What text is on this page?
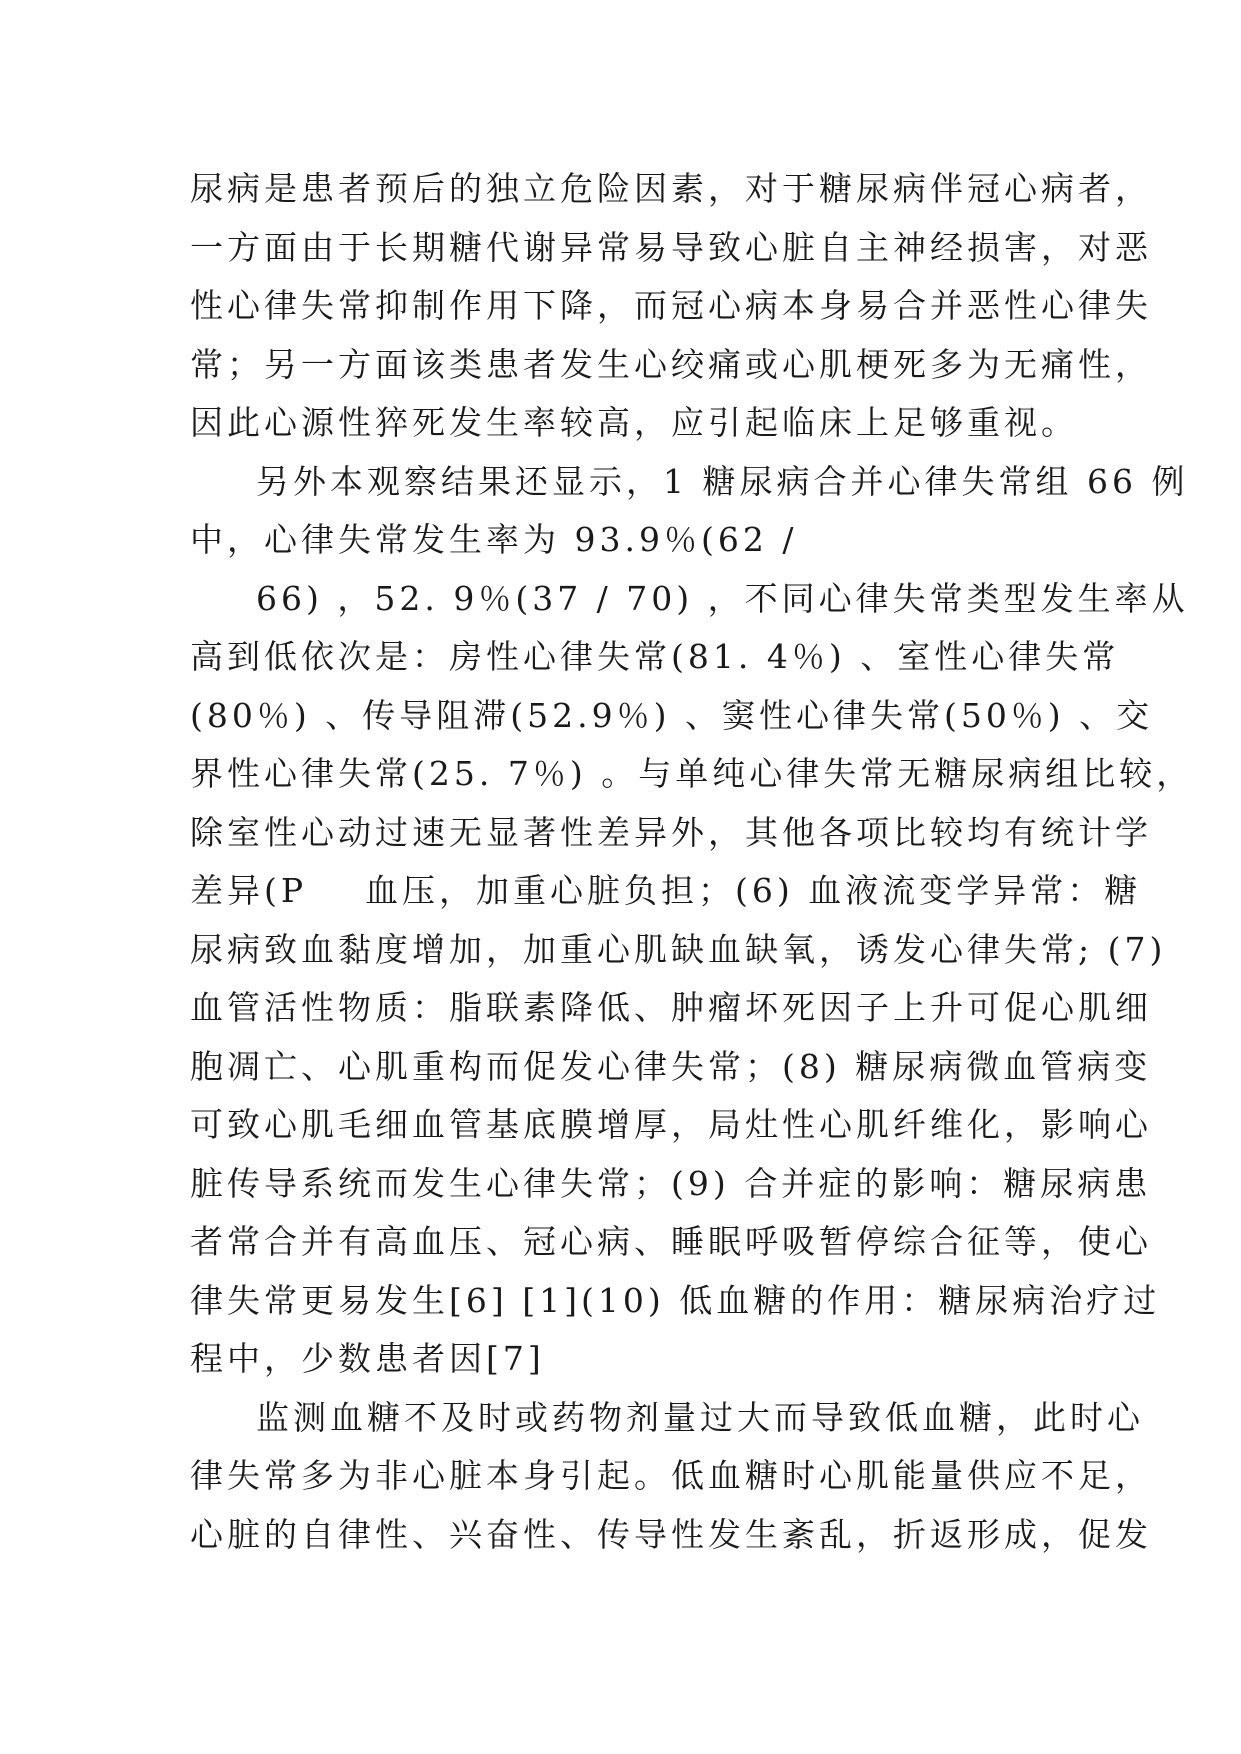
尿病是患者预后的独立危险因素，对于糖尿病伴冠心病者，
一方面由于长期糖代谢异常易导致心脏自主神经损害，对恶
性心律失常抑制作用下降，而冠心病本身易合并恶性心律失
常；另一方面该类患者发生心绞痛或心肌梗死多为无痛性，
因此心源性猝死发生率较高，应引起临床上足够重视。
另外本观察结果还显示，1 糖尿病合并心律失常组 66 例
中，心律失常发生率为 93.9％(62 /
66) ，52. 9％(37 / 70) ，不同心律失常类型发生率从
高到低依次是：房性心律失常(81. 4％) 、室性心律失常
(80％) 、传导阻滞(52.9％) 、窦性心律失常(50％) 、交
界性心律失常(25. 7％) 。与单纯心律失常无糖尿病组比较，
除室性心动过速无显著性差异外，其他各项比较均有统计学
差异(P    血压，加重心脏负担；(6) 血液流变学异常：糖
尿病致血黏度增加，加重心肌缺血缺氧，诱发心律失常; (7)
血管活性物质：脂联素降低、肿瘤坏死因子上升可促心肌细
胞凋亡、心肌重构而促发心律失常；(8) 糖尿病微血管病变
可致心肌毛细血管基底膜增厚，局灶性心肌纤维化，影响心
脏传导系统而发生心律失常；(9) 合并症的影响：糖尿病患
者常合并有高血压、冠心病、睡眠呼吸暂停综合征等，使心
律失常更易发生[6] [1](10) 低血糖的作用：糖尿病治疗过
程中，少数患者因[7]
监测血糖不及时或药物剂量过大而导致低血糖，此时心
律失常多为非心脏本身引起。低血糖时心肌能量供应不足，
心脏的自律性、兴奋性、传导性发生紊乱，折返形成，促发
